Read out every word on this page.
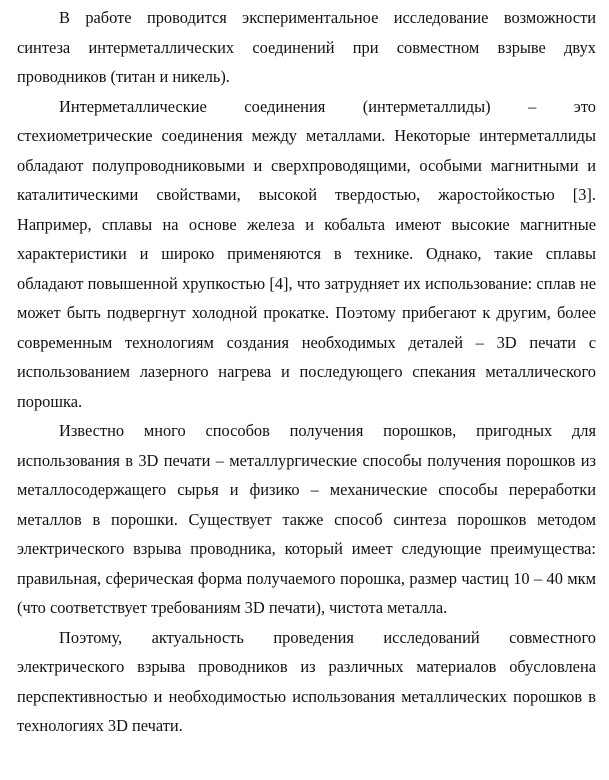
В работе проводится экспериментальное исследование возможности синтеза интерметаллических соединений при совместном взрыве двух проводников (титан и никель).

Интерметаллические соединения (интерметаллиды) – это стехиометрические соединения между металлами. Некоторые интерметаллиды обладают полупроводниковыми и сверхпроводящими, особыми магнитными и каталитическими свойствами, высокой твердостью, жаростойкостью [3]. Например, сплавы на основе железа и кобальта имеют высокие магнитные характеристики и широко применяются в технике. Однако, такие сплавы обладают повышенной хрупкостью [4], что затрудняет их использование: сплав не может быть подвергнут холодной прокатке. Поэтому прибегают к другим, более современным технологиям создания необходимых деталей – 3D печати с использованием лазерного нагрева и последующего спекания металлического порошка.

Известно много способов получения порошков, пригодных для использования в 3D печати – металлургические способы получения порошков из металлосодержащего сырья и физико – механические способы переработки металлов в порошки. Существует также способ синтеза порошков методом электрического взрыва проводника, который имеет следующие преимущества: правильная, сферическая форма получаемого порошка, размер частиц 10 – 40 мкм (что соответствует требованиям 3D печати), чистота металла.

Поэтому, актуальность проведения исследований совместного электрического взрыва проводников из различных материалов обусловлена перспективностью и необходимостью использования металлических порошков в технологиях 3D печати.
